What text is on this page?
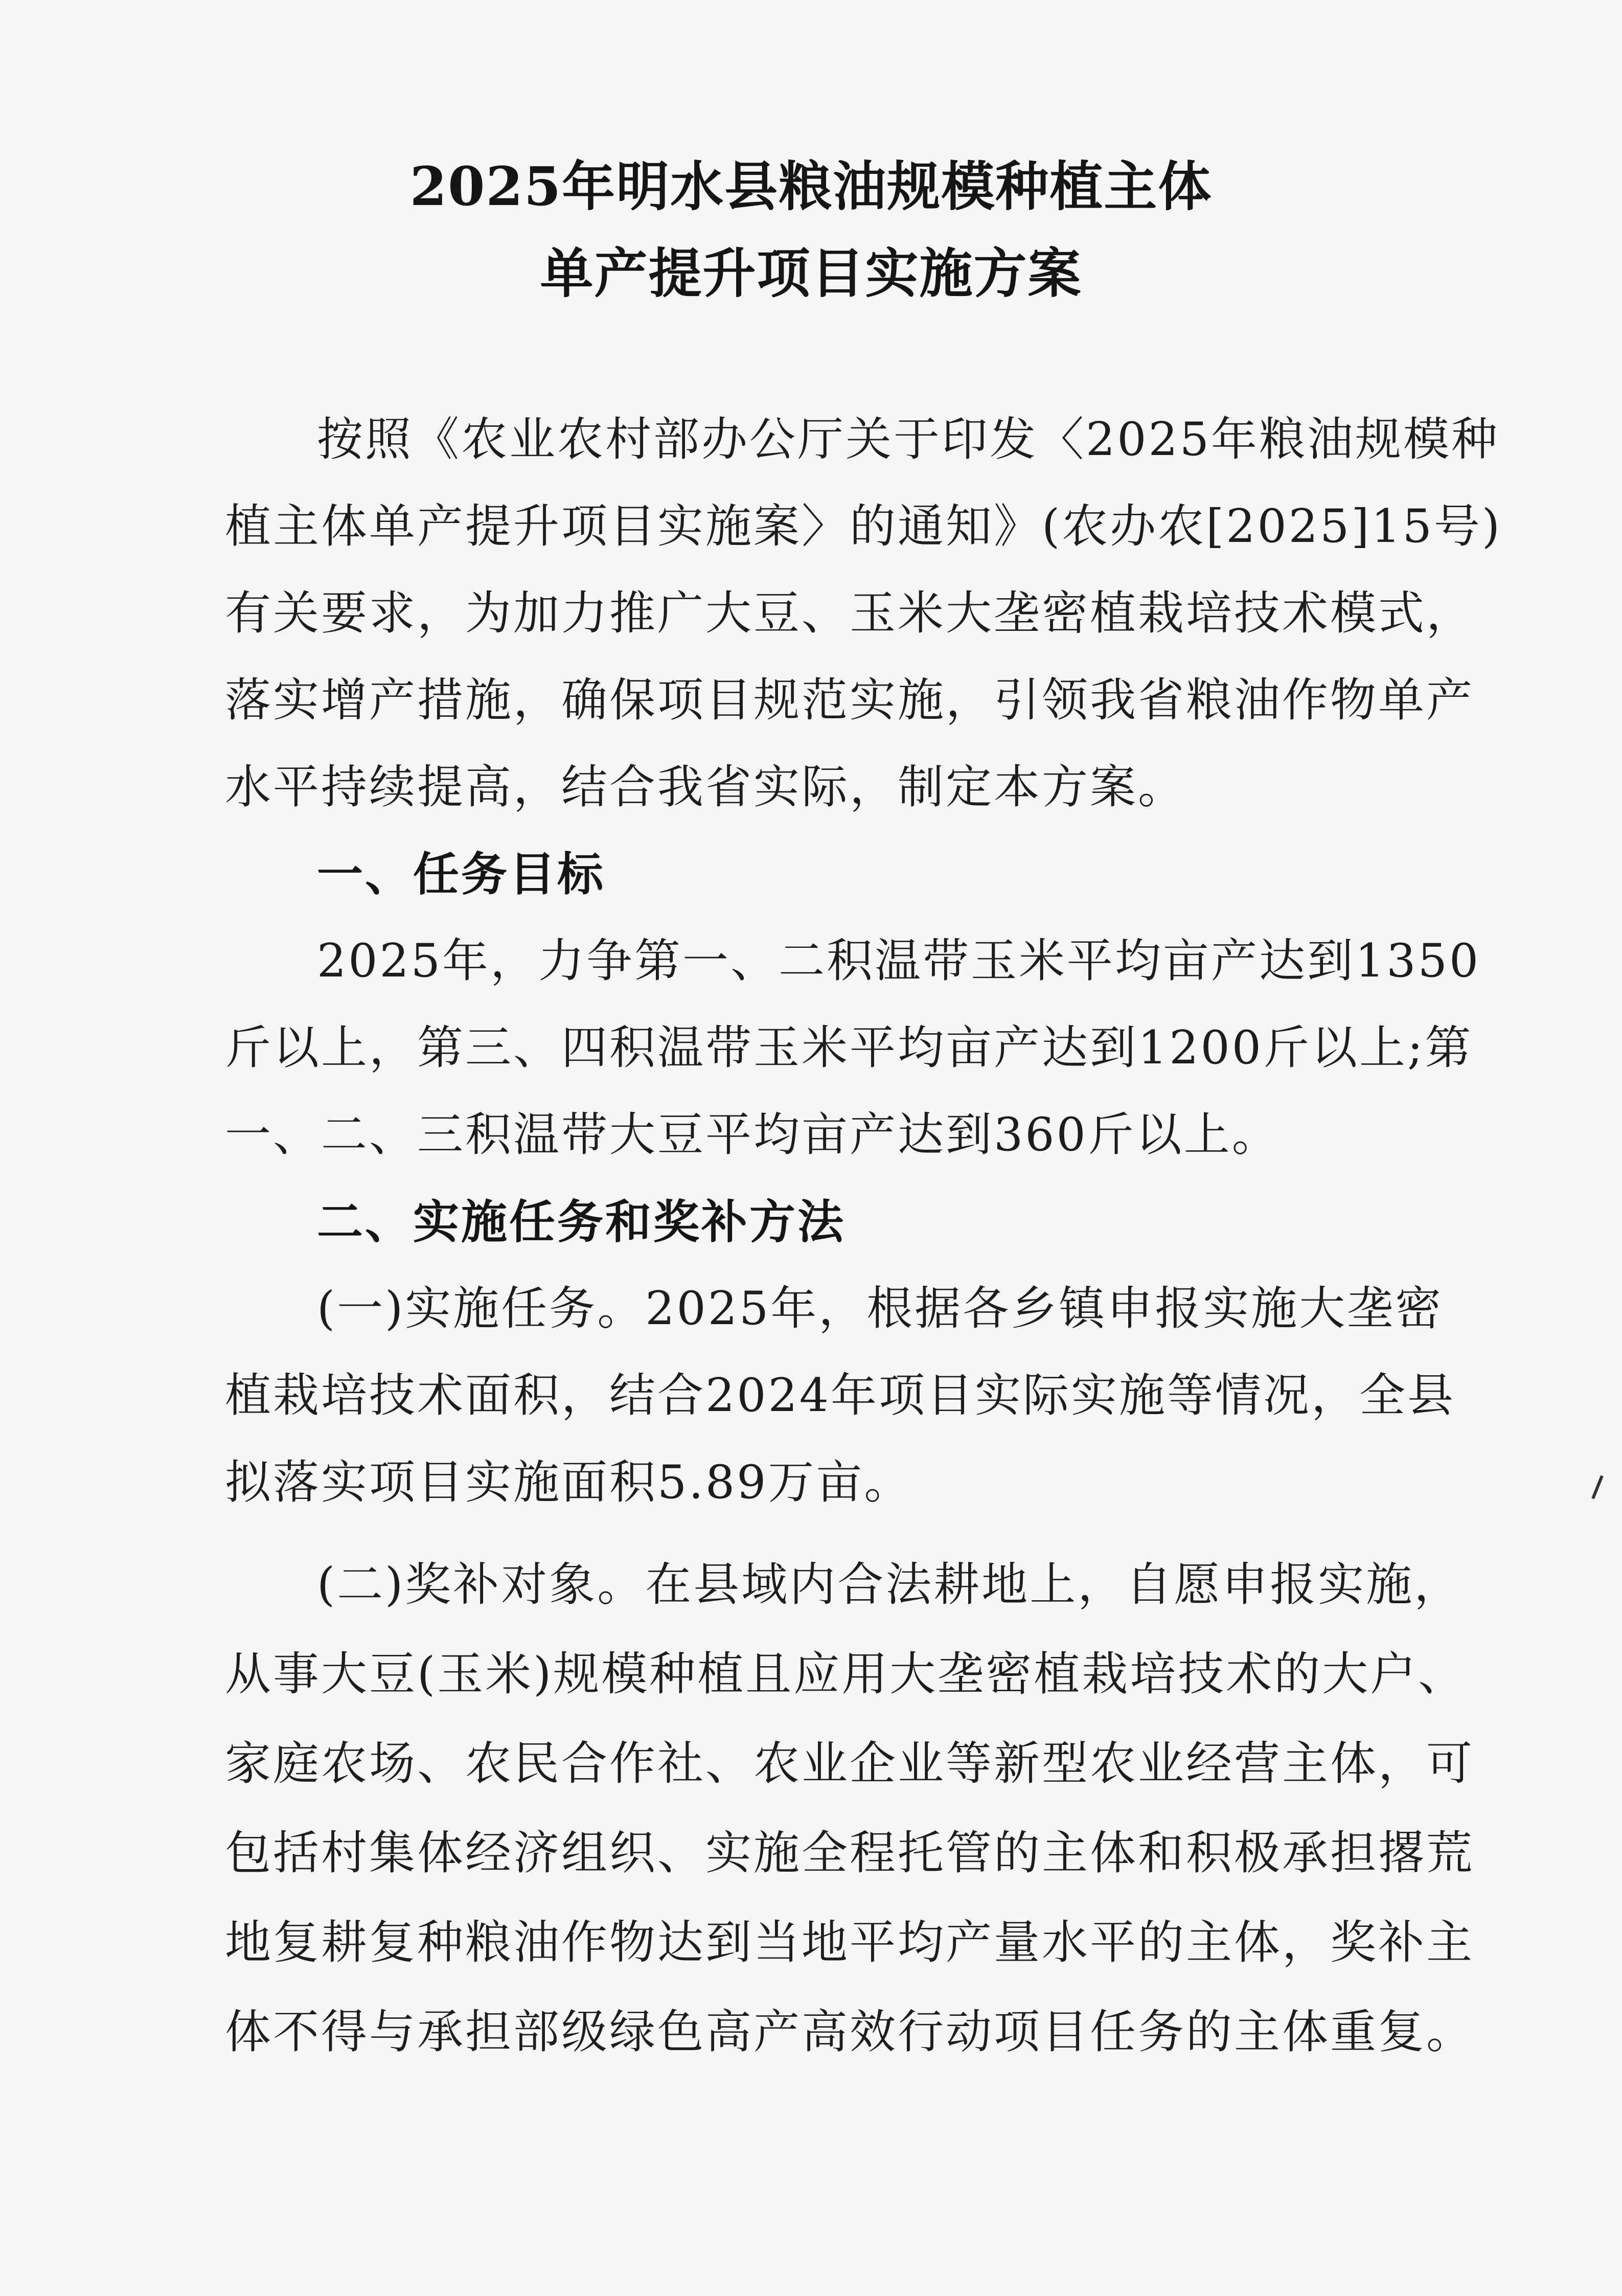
2025年明水县粮油规模种植主体
单产提升项目实施方案
按照《农业农村部办公厅关于印发〈2025年粮油规模种
植主体单产提升项目实施案〉的通知》(农办农[2025]15号)
有关要求，为加力推广大豆、玉米大垄密植栽培技术模式，
落实增产措施，确保项目规范实施，引领我省粮油作物单产
水平持续提高，结合我省实际，制定本方案。
一、任务目标
2025年，力争第一、二积温带玉米平均亩产达到1350
斤以上，第三、四积温带玉米平均亩产达到1200斤以上;第
一、二、三积温带大豆平均亩产达到360斤以上。
二、实施任务和奖补方法
(一)实施任务。2025年，根据各乡镇申报实施大垄密
植栽培技术面积，结合2024年项目实际实施等情况，全县
拟落实项目实施面积5.89万亩。
(二)奖补对象。在县域内合法耕地上，自愿申报实施，
从事大豆(玉米)规模种植且应用大垄密植栽培技术的大户、
家庭农场、农民合作社、农业企业等新型农业经营主体，可
包括村集体经济组织、实施全程托管的主体和积极承担撂荒
地复耕复种粮油作物达到当地平均产量水平的主体，奖补主
体不得与承担部级绿色高产高效行动项目任务的主体重复。
